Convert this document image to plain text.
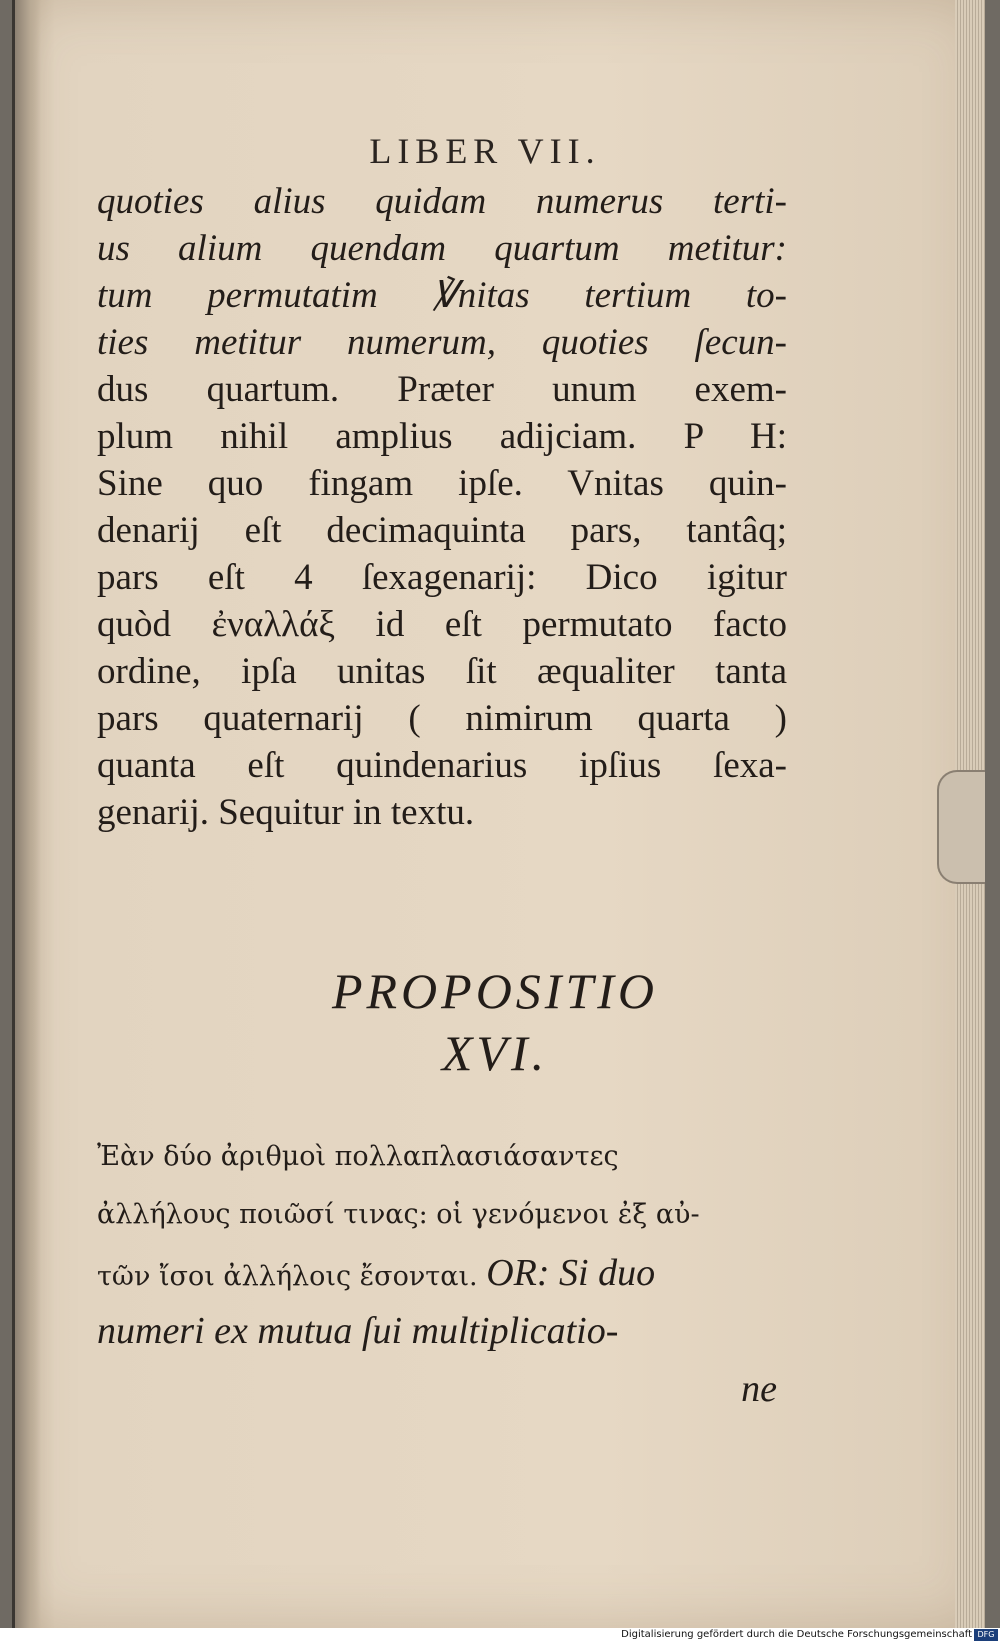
LIBER VII.
quoties alius quidam numerus terti-
us alium quendam quartum metitur:
tum permutatim ℣nitas tertium to-
ties metitur numerum, quoties ſecun-
dus quartum. Præter unum exem-
plum nihil amplius adijciam. P H:
Sine quo fingam ipſe. Vnitas quin-
denarij eſt decimaquinta pars, tantâq;
pars eſt 4 ſexagenarij: Dico igitur
quòd ἐναλλάξ id eſt permutato facto
ordine, ipſa unitas ſit æqualiter tanta
pars quaternarij ( nimirum quarta )
quanta eſt quindenarius ipſius ſexa-
genarij. Sequitur in textu.
PROPOSITIO
XVI.
Ἐὰν δύο ἀριθμοὶ πολλαπλασιάσαντες
ἀλλήλους ποιῶσί τινας: οἱ γενόμενοι ἐξ αὐ-
τῶν ἴσοι ἀλλήλοις ἔσονται. OR: Si duo
numeri ex mutua ſui multiplicatio-
ne
Digitalisierung gefördert durch die Deutsche Forschungsgemeinschaft DFG
